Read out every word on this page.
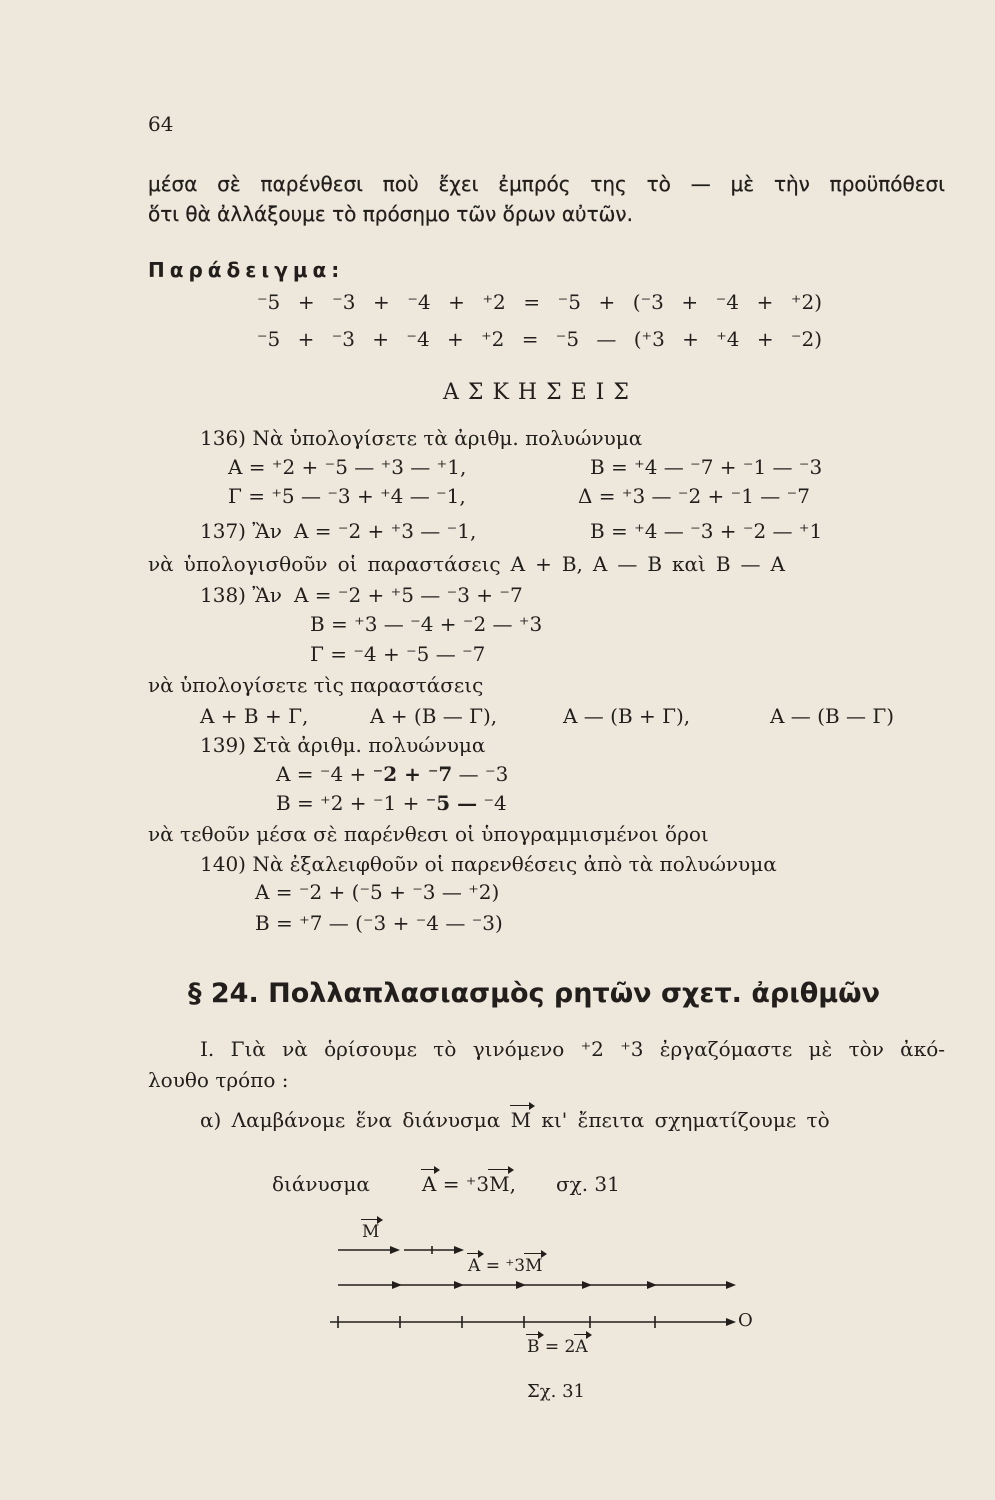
64
μέσα σὲ παρένθεσι ποὺ ἔχει ἐμπρός της τὸ — μὲ τὴν προϋπόθεσι
ὅτι θὰ ἀλλάξουμε τὸ πρόσημο τῶν ὅρων αὐτῶν.
Παράδειγμα:
⁻5 + ⁻3 + ⁻4 + ⁺2 = ⁻5 + (⁻3 + ⁻4 + ⁺2)
⁻5 + ⁻3 + ⁻4 + ⁺2 = ⁻5 — (⁺3 + ⁺4 + ⁻2)
ΑΣΚΗΣΕΙΣ
136) Νὰ ὑπολογίσετε τὰ ἀριθμ. πολυώνυμα
Α = ⁺2 + ⁻5 — ⁺3 — ⁺1,	Β = ⁺4 — ⁻7 + ⁻1 — ⁻3
Γ = ⁺5 — ⁻3 + ⁺4 — ⁻1,	Δ = ⁺3 — ⁻2 + ⁻1 — ⁻7
137) Ἂν Α = ⁻2 + ⁺3 — ⁻1,	Β = ⁺4 — ⁻3 + ⁻2 — ⁺1
νὰ ὑπολογισθοῦν οἱ παραστάσεις Α + Β, Α — Β καὶ Β — Α
138) Ἂν Α = ⁻2 + ⁺5 — ⁻3 + ⁻7
Β = ⁺3 — ⁻4 + ⁻2 — ⁺3
Γ = ⁻4 + ⁻5 — ⁻7
νὰ ὑπολογίσετε τὶς παραστάσεις
Α + Β + Γ,	Α + (Β — Γ),	Α — (Β + Γ),	Α — (Β — Γ)
139) Στὰ ἀριθμ. πολυώνυμα
Α = ⁻4 + ⁻2 + ⁻7 — ⁻3
Β = ⁺2 + ⁻1 + ⁻5 — ⁻4
νὰ τεθοῦν μέσα σὲ παρένθεσι οἱ ὑπογραμμισμένοι ὅροι
140) Νὰ ἐξαλειφθοῦν οἱ παρενθέσεις ἀπὸ τὰ πολυώνυμα
Α = ⁻2 + (⁻5 + ⁻3 — ⁺2)
Β = ⁺7 — (⁻3 + ⁻4 — ⁻3)
§ 24. Πολλαπλασιασμὸς ρητῶν σχετ. ἀριθμῶν
Ι. Γιὰ νὰ ὁρίσουμε τὸ γινόμενο ⁺2 ⁺3 ἐργαζόμαστε μὲ τὸν ἀκό-
λουθο τρόπο :
α) Λαμβάνομε ἕνα διάνυσμα Μ κι' ἔπειτα σχηματίζουμε τὸ
διάνυσμα	Α = ⁺3Μ, σχ. 31
Μ
Α = ⁺3Μ
Β = 2Α
Ο
Σχ. 31
